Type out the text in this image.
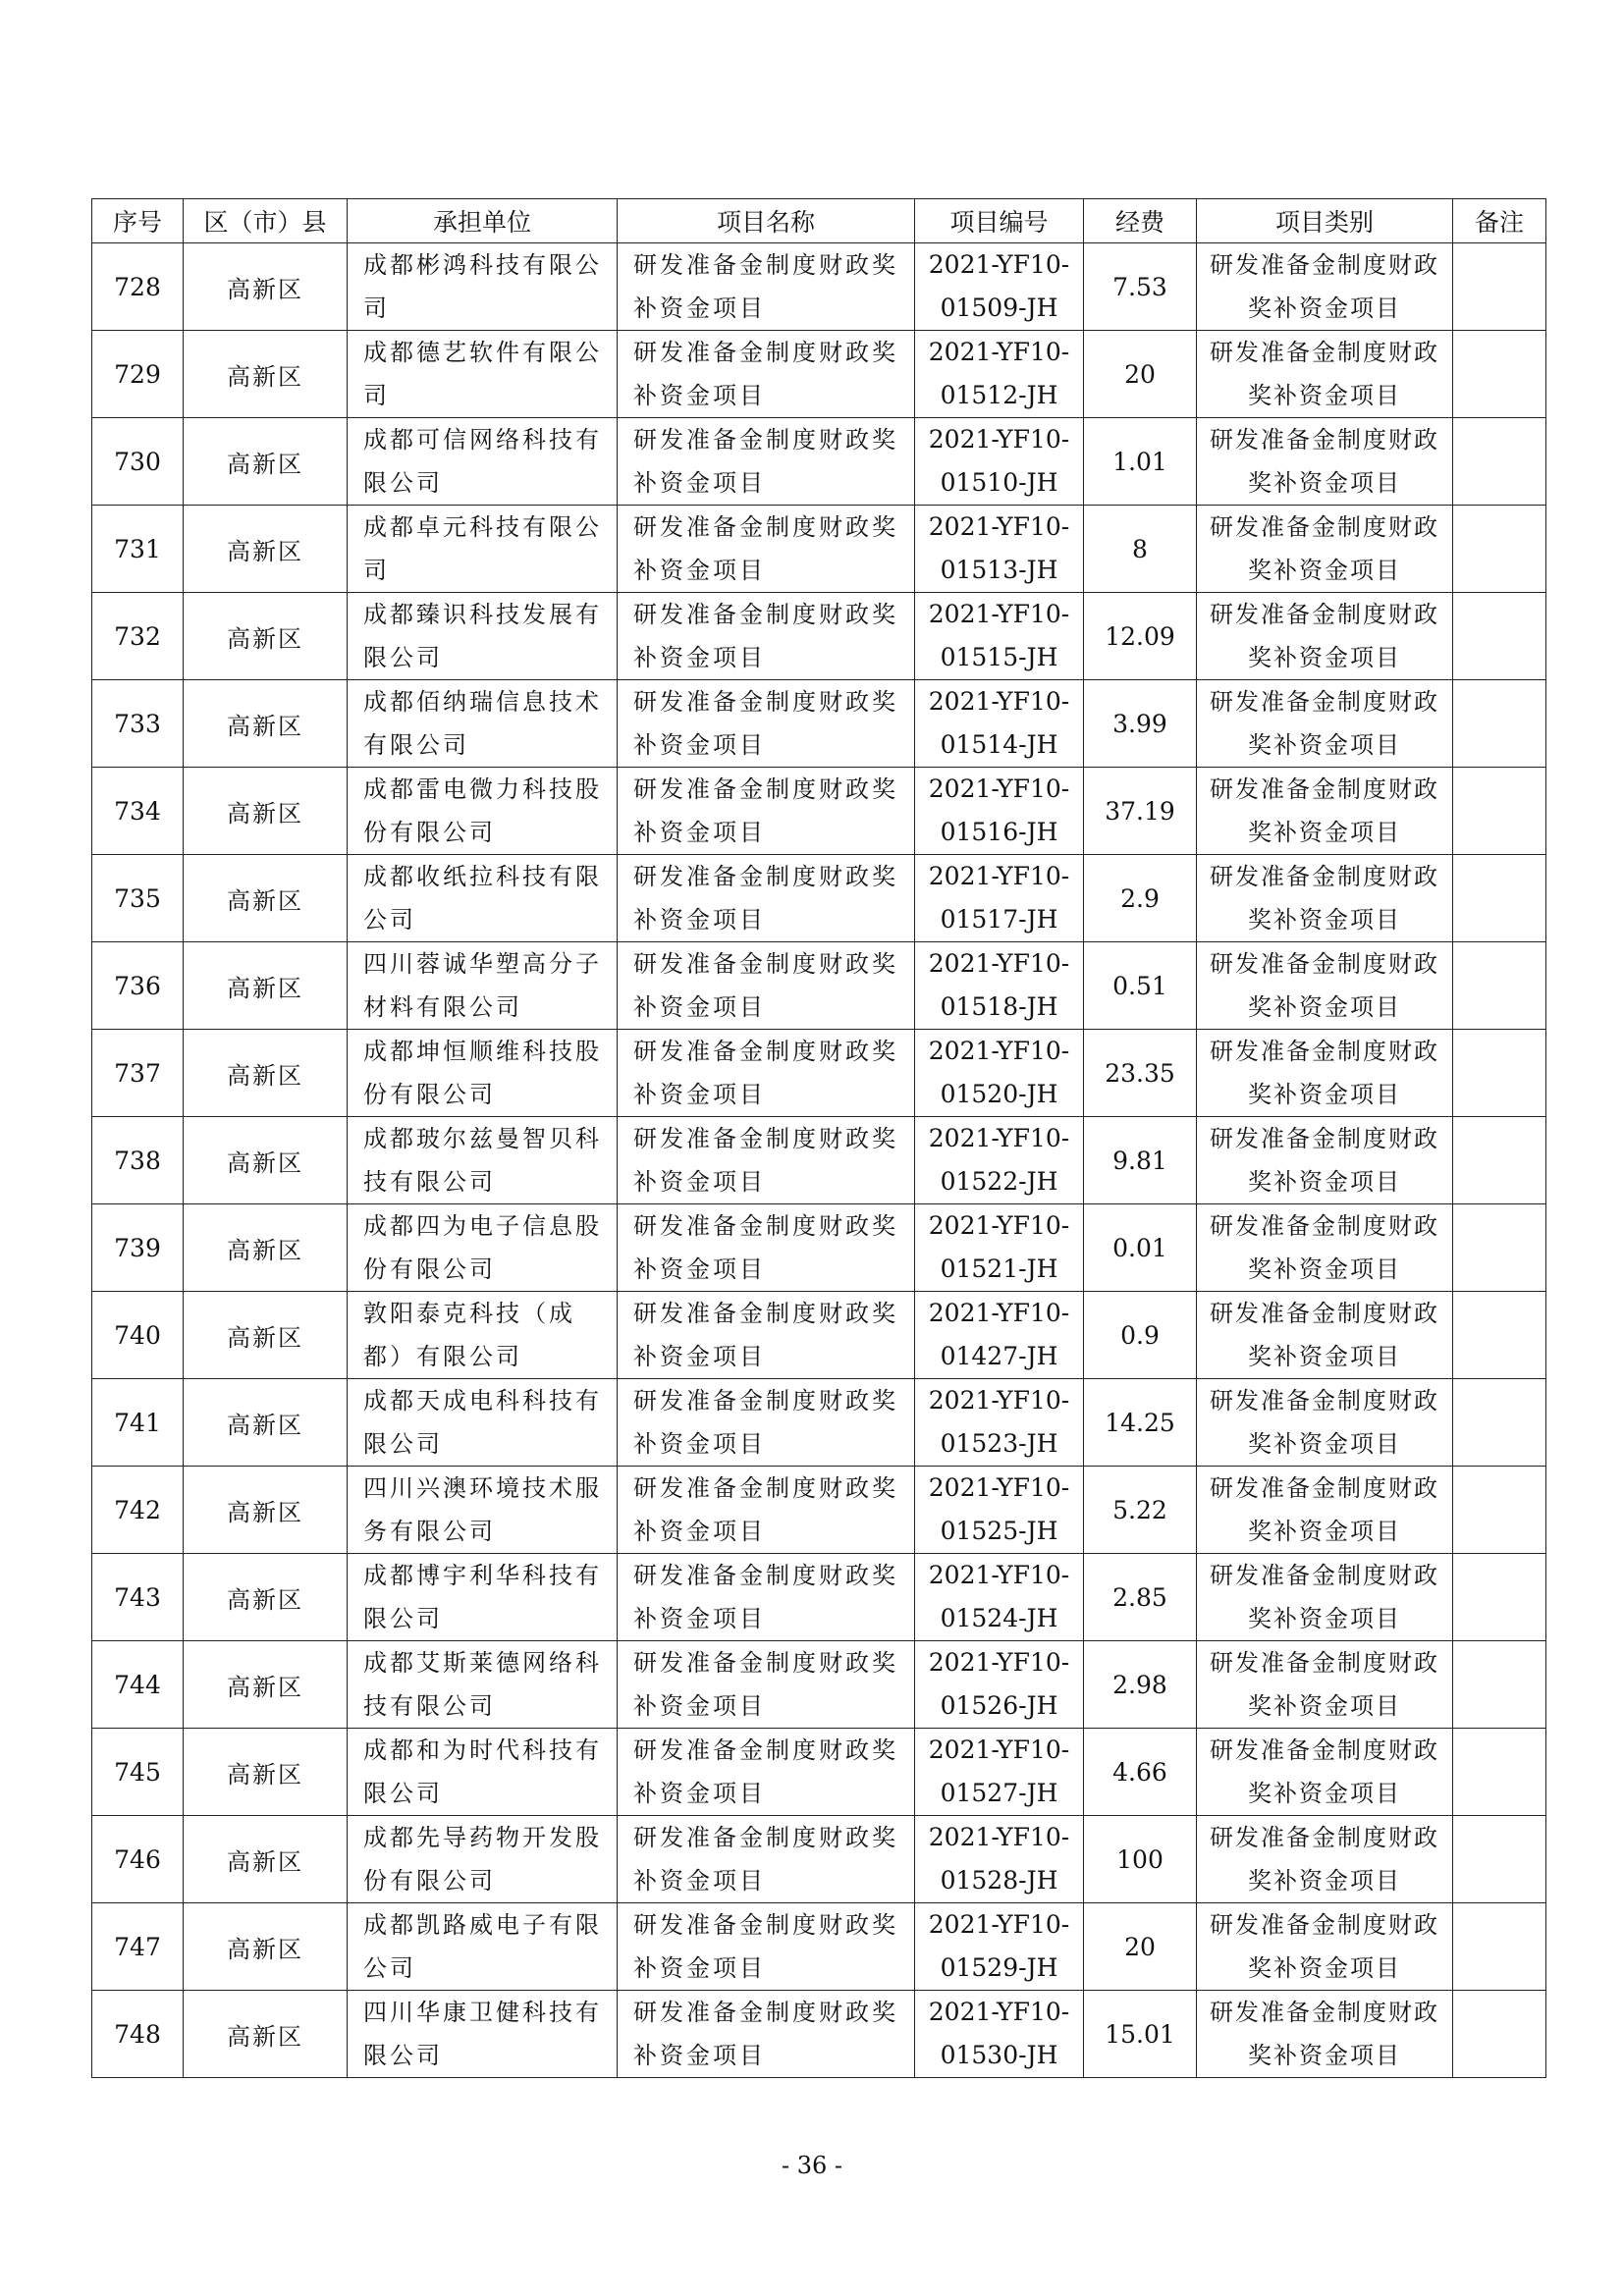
序号	区（市）县	承担单位	项目名称	项目编号	经费	项目类别	备注
728	高新区	成都彬鸿科技有限公司	研发准备金制度财政奖补资金项目	2021-YF10-01509-JH	7.53	研发准备金制度财政奖补资金项目	
729	高新区	成都德艺软件有限公司	研发准备金制度财政奖补资金项目	2021-YF10-01512-JH	20	研发准备金制度财政奖补资金项目	
730	高新区	成都可信网络科技有限公司	研发准备金制度财政奖补资金项目	2021-YF10-01510-JH	1.01	研发准备金制度财政奖补资金项目	
731	高新区	成都卓元科技有限公司	研发准备金制度财政奖补资金项目	2021-YF10-01513-JH	8	研发准备金制度财政奖补资金项目	
732	高新区	成都臻识科技发展有限公司	研发准备金制度财政奖补资金项目	2021-YF10-01515-JH	12.09	研发准备金制度财政奖补资金项目	
733	高新区	成都佰纳瑞信息技术有限公司	研发准备金制度财政奖补资金项目	2021-YF10-01514-JH	3.99	研发准备金制度财政奖补资金项目	
734	高新区	成都雷电微力科技股份有限公司	研发准备金制度财政奖补资金项目	2021-YF10-01516-JH	37.19	研发准备金制度财政奖补资金项目	
735	高新区	成都收纸拉科技有限公司	研发准备金制度财政奖补资金项目	2021-YF10-01517-JH	2.9	研发准备金制度财政奖补资金项目	
736	高新区	四川蓉诚华塑高分子材料有限公司	研发准备金制度财政奖补资金项目	2021-YF10-01518-JH	0.51	研发准备金制度财政奖补资金项目	
737	高新区	成都坤恒顺维科技股份有限公司	研发准备金制度财政奖补资金项目	2021-YF10-01520-JH	23.35	研发准备金制度财政奖补资金项目	
738	高新区	成都玻尔兹曼智贝科技有限公司	研发准备金制度财政奖补资金项目	2021-YF10-01522-JH	9.81	研发准备金制度财政奖补资金项目	
739	高新区	成都四为电子信息股份有限公司	研发准备金制度财政奖补资金项目	2021-YF10-01521-JH	0.01	研发准备金制度财政奖补资金项目	
740	高新区	敦阳泰克科技（成都）有限公司	研发准备金制度财政奖补资金项目	2021-YF10-01427-JH	0.9	研发准备金制度财政奖补资金项目	
741	高新区	成都天成电科科技有限公司	研发准备金制度财政奖补资金项目	2021-YF10-01523-JH	14.25	研发准备金制度财政奖补资金项目	
742	高新区	四川兴澳环境技术服务有限公司	研发准备金制度财政奖补资金项目	2021-YF10-01525-JH	5.22	研发准备金制度财政奖补资金项目	
743	高新区	成都博宇利华科技有限公司	研发准备金制度财政奖补资金项目	2021-YF10-01524-JH	2.85	研发准备金制度财政奖补资金项目	
744	高新区	成都艾斯莱德网络科技有限公司	研发准备金制度财政奖补资金项目	2021-YF10-01526-JH	2.98	研发准备金制度财政奖补资金项目	
745	高新区	成都和为时代科技有限公司	研发准备金制度财政奖补资金项目	2021-YF10-01527-JH	4.66	研发准备金制度财政奖补资金项目	
746	高新区	成都先导药物开发股份有限公司	研发准备金制度财政奖补资金项目	2021-YF10-01528-JH	100	研发准备金制度财政奖补资金项目	
747	高新区	成都凯路威电子有限公司	研发准备金制度财政奖补资金项目	2021-YF10-01529-JH	20	研发准备金制度财政奖补资金项目	
748	高新区	四川华康卫健科技有限公司	研发准备金制度财政奖补资金项目	2021-YF10-01530-JH	15.01	研发准备金制度财政奖补资金项目	
- 36 -
